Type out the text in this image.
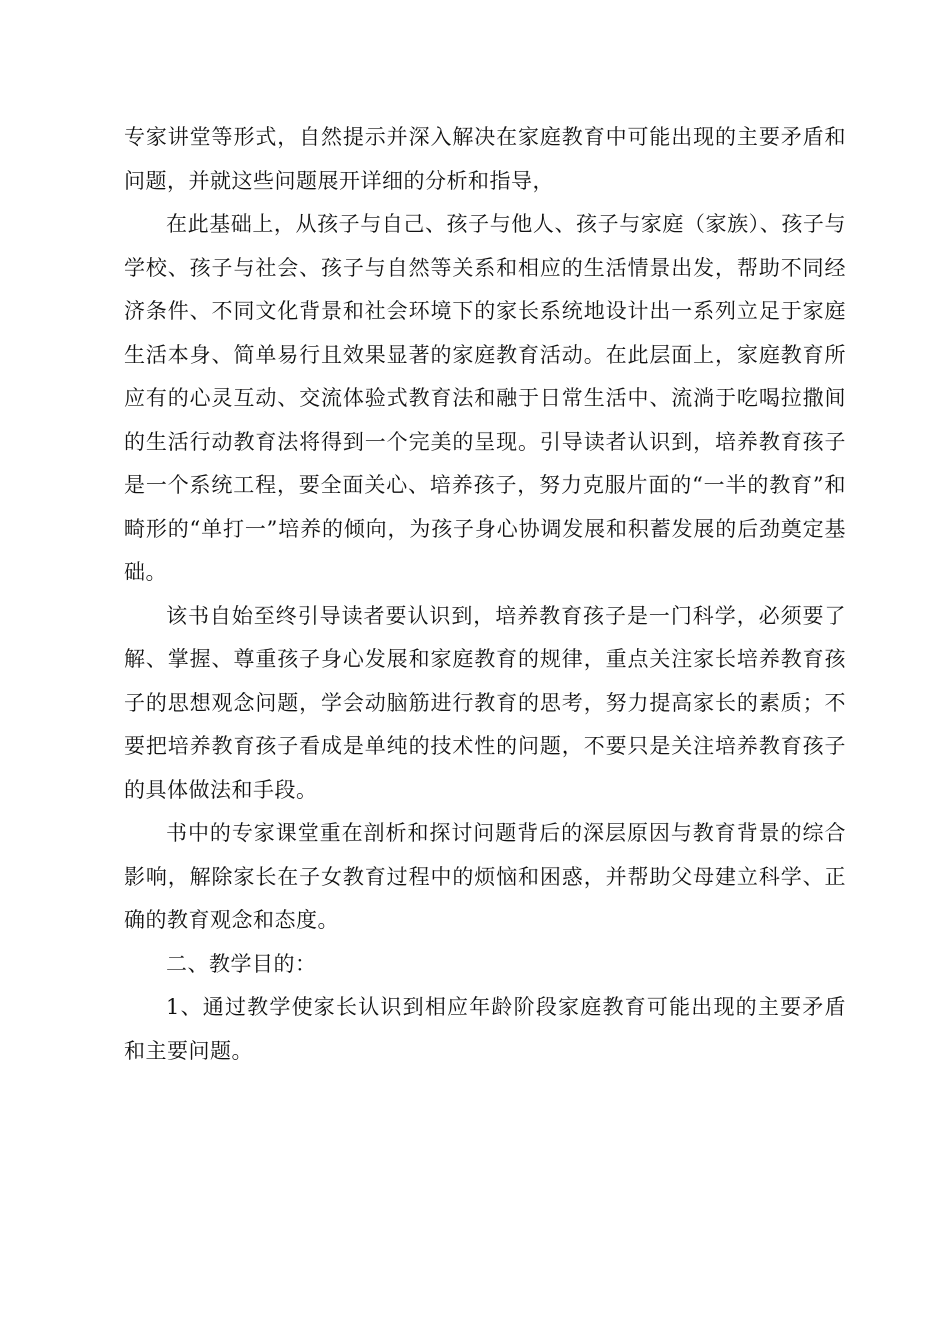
专家讲堂等形式，自然提示并深入解决在家庭教育中可能出现的主要矛盾和问题，并就这些问题展开详细的分析和指导，

在此基础上，从孩子与自己、孩子与他人、孩子与家庭（家族）、孩子与学校、孩子与社会、孩子与自然等关系和相应的生活情景出发，帮助不同经济条件、不同文化背景和社会环境下的家长系统地设计出一系列立足于家庭生活本身、简单易行且效果显著的家庭教育活动。在此层面上，家庭教育所应有的心灵互动、交流体验式教育法和融于日常生活中、流淌于吃喝拉撒间的生活行动教育法将得到一个完美的呈现。引导读者认识到，培养教育孩子是一个系统工程，要全面关心、培养孩子，努力克服片面的“一半的教育”和畸形的“单打一”培养的倾向，为孩子身心协调发展和积蓄发展的后劲奠定基础。

该书自始至终引导读者要认识到，培养教育孩子是一门科学，必须要了解、掌握、尊重孩子身心发展和家庭教育的规律，重点关注家长培养教育孩子的思想观念问题，学会动脑筋进行教育的思考，努力提高家长的素质；不要把培养教育孩子看成是单纯的技术性的问题，不要只是关注培养教育孩子的具体做法和手段。

书中的专家课堂重在剖析和探讨问题背后的深层原因与教育背景的综合影响，解除家长在子女教育过程中的烦恼和困惑，并帮助父母建立科学、正确的教育观念和态度。

二、教学目的：

1、通过教学使家长认识到相应年龄阶段家庭教育可能出现的主要矛盾和主要问题。
